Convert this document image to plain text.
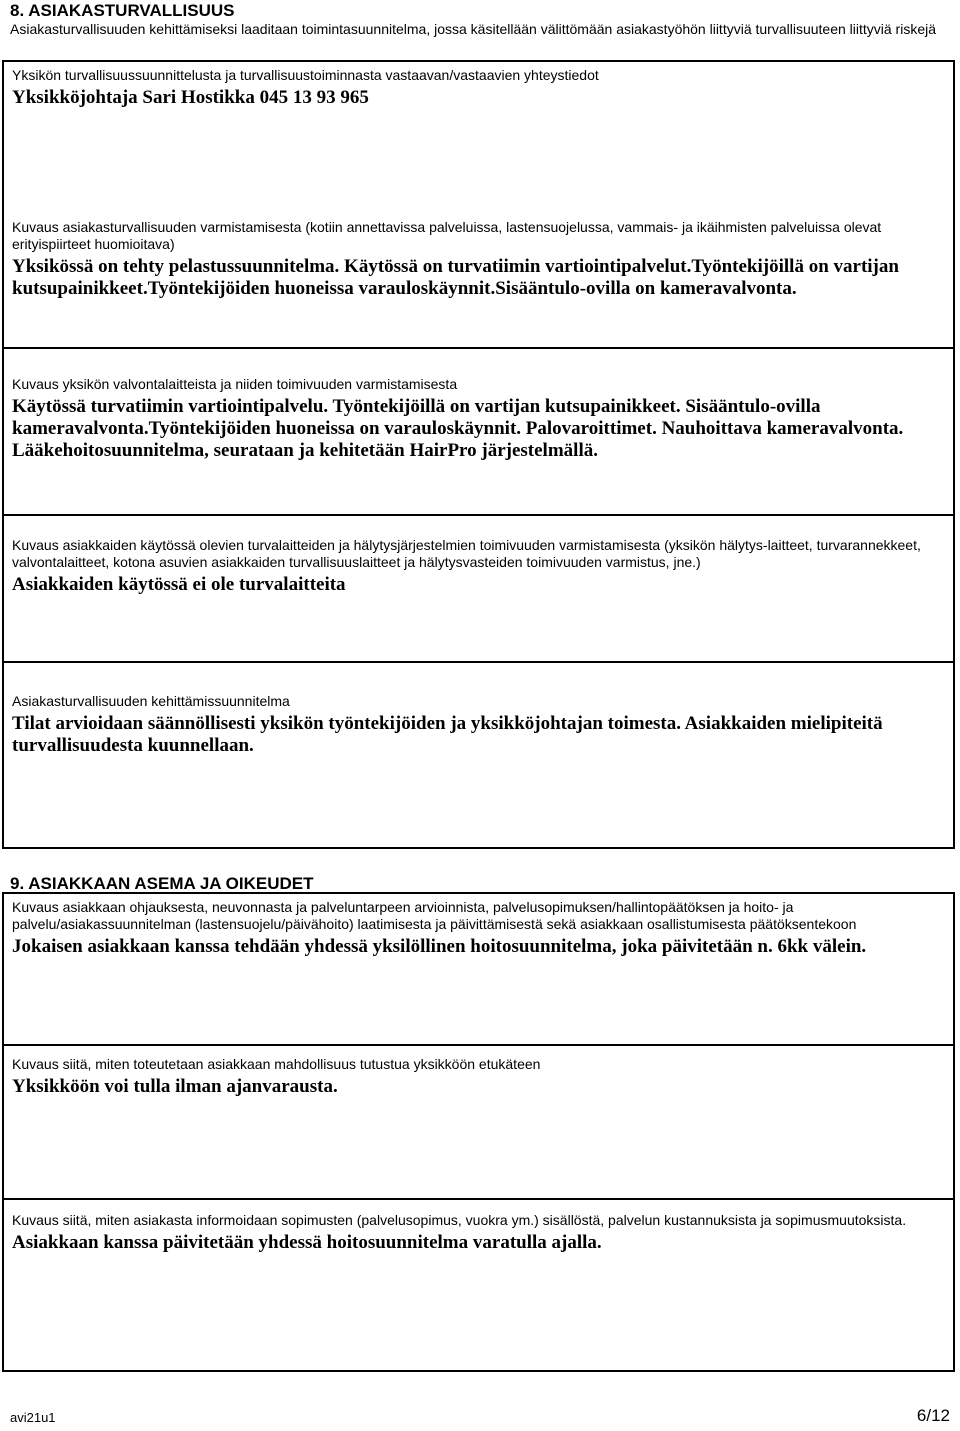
8. ASIAKASTURVALLISUUS

Asiakasturvallisuuden kehittämiseksi laaditaan toimintasuunnitelma, jossa käsitellään välittömään asiakastyöhön liittyviä turvallisuuteen liittyviä riskejä

Yksikön turvallisuussuunnittelusta ja turvallisuustoiminnasta vastaavan/vastaavien yhteystiedot

Yksikköjohtaja Sari Hostikka 045 13 93 965

Kuvaus asiakasturvallisuuden varmistamisesta (kotiin annettavissa palveluissa, lastensuojelussa, vammais- ja ikäihmisten palveluissa olevat erityispiirteet huomioitava)

Yksikössä on tehty pelastussuunnitelma. Käytössä on turvatiimin vartiointipalvelut.Työntekijöillä on vartijan kutsupainikkeet.Työntekijöiden huoneissa varauloskäynnit.Sisääntulo-ovilla on kameravalvonta.

Kuvaus yksikön valvontalaitteista ja niiden toimivuuden varmistamisesta

Käytössä turvatiimin vartiointipalvelu. Työntekijöillä on vartijan kutsupainikkeet. Sisääntulo-ovilla kameravalvonta.Työntekijöiden huoneissa on varauloskäynnit. Palovaroittimet. Nauhoittava kameravalvonta. Lääkehoitosuunnitelma, seurataan ja kehitetään HairPro järjestelmällä.

Kuvaus asiakkaiden käytössä olevien turvalaitteiden ja hälytysjärjestelmien toimivuuden varmistamisesta (yksikön hälytys-laitteet, turvarannekkeet, valvontalaitteet, kotona asuvien asiakkaiden turvallisuuslaitteet ja hälytysvasteiden toimivuuden varmistus, jne.)

Asiakkaiden käytössä ei ole turvalaitteita

Asiakasturvallisuuden kehittämissuunnitelma

Tilat arvioidaan säännöllisesti yksikön työntekijöiden ja yksikköjohtajan toimesta. Asiakkaiden mielipiteitä turvallisuudesta kuunnellaan.

9. ASIAKKAAN ASEMA JA OIKEUDET

Kuvaus asiakkaan ohjauksesta, neuvonnasta ja palveluntarpeen arvioinnista, palvelusopimuksen/hallintopäätöksen ja hoito- ja palvelu/asiakassuunnitelman (lastensuojelu/päivähoito) laatimisesta ja päivittämisestä sekä asiakkaan osallistumisesta päätöksentekoon

Jokaisen asiakkaan kanssa tehdään yhdessä yksilöllinen hoitosuunnitelma, joka päivitetään n. 6kk välein.

Kuvaus siitä, miten toteutetaan asiakkaan mahdollisuus tutustua yksikköön etukäteen

Yksikköön voi tulla ilman ajanvarausta.

Kuvaus siitä, miten asiakasta informoidaan sopimusten (palvelusopimus, vuokra ym.) sisällöstä, palvelun kustannuksista ja sopimusmuutoksista.

Asiakkaan kanssa päivitetään yhdessä hoitosuunnitelma varatulla ajalla.

avi21u1	6/12
